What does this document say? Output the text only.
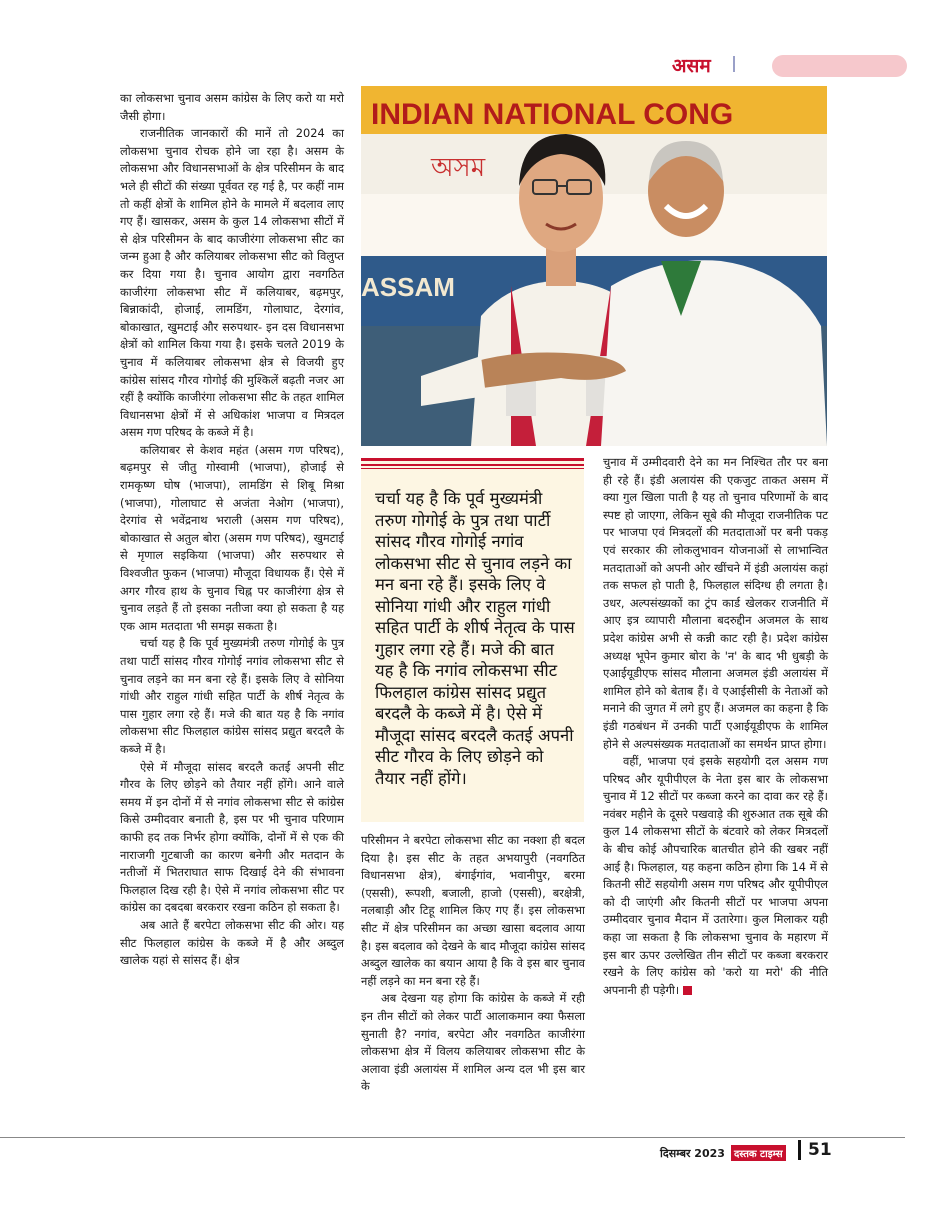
असम

का लोकसभा चुनाव असम कांग्रेस के लिए करो या मरो जैसी होगा।

राजनीतिक जानकारों की मानें तो 2024 का लोकसभा चुनाव रोचक होने जा रहा है। असम के लोकसभा और विधानसभाओं के क्षेत्र परिसीमन के बाद भले ही सीटों की संख्या पूर्ववत रह गई है, पर कहीं नाम तो कहीं क्षेत्रों के शामिल होने के मामले में बदलाव लाए गए हैं। खासकर, असम के कुल 14 लोकसभा सीटों में से क्षेत्र परिसीमन के बाद काजीरंगा लोकसभा सीट का जन्म हुआ है और कलियाबर लोकसभा सीट को विलुप्त कर दिया गया है। चुनाव आयोग द्वारा नवगठित काजीरंगा लोकसभा सीट में कलियाबर, बढ़मपुर, बिन्नाकांदी, होजाई, लामडिंग, गोलाघाट, देरगांव, बोकाखात, खुमटाई और सरुपथार- इन दस विधानसभा क्षेत्रों को शामिल किया गया है। इसके चलते 2019 के चुनाव में कलियाबर लोकसभा क्षेत्र से विजयी हुए कांग्रेस सांसद गौरव गोगोई की मुश्किलें बढ़ती नजर आ रहीं है क्योंकि काजीरंगा लोकसभा सीट के तहत शामिल विधानसभा क्षेत्रों में से अधिकांश भाजपा व मित्रदल असम गण परिषद के कब्जे में है।

कलियाबर से केशव महंत (असम गण परिषद), बढ़मपुर से जीतु गोस्वामी (भाजपा), होजाई से रामकृष्ण घोष (भाजपा), लामडिंग से शिबू मिश्रा (भाजपा), गोलाघाट से अजंता नेओग (भाजपा), देरगांव से भवेंद्रनाथ भराली (असम गण परिषद), बोकाखात से अतुल बोरा (असम गण परिषद), खुमटाई से मृणाल सइकिया (भाजपा) और सरुपथार से विश्वजीत फुकन (भाजपा) मौजूदा विधायक हैं। ऐसे में अगर गौरव हाथ के चुनाव चिह्न पर काजीरंगा क्षेत्र से चुनाव लड़ते हैं तो इसका नतीजा क्या हो सकता है यह एक आम मतदाता भी समझ सकता है।

चर्चा यह है कि पूर्व मुख्यमंत्री तरुण गोगोई के पुत्र तथा पार्टी सांसद गौरव गोगोई नगांव लोकसभा सीट से चुनाव लड़ने का मन बना रहे हैं। इसके लिए वे सोनिया गांधी और राहुल गांधी सहित पार्टी के शीर्ष नेतृत्व के पास गुहार लगा रहे हैं। मजे की बात यह है कि नगांव लोकसभा सीट फिलहाल कांग्रेस सांसद प्रद्युत बरदलै के कब्जे में है।

ऐसे में मौजूदा सांसद बरदलै कतई अपनी सीट गौरव के लिए छोड़ने को तैयार नहीं होंगे। आने वाले समय में इन दोनों में से नगांव लोकसभा सीट से कांग्रेस किसे उम्मीदवार बनाती है, इस पर भी चुनाव परिणाम काफी हद तक निर्भर होगा क्योंकि, दोनों में से एक की नाराजगी गुटबाजी का कारण बनेगी और मतदान के नतीजों में भितराघात साफ दिखाई देने की संभावना फिलहाल दिख रही है। ऐसे में नगांव लोकसभा सीट पर कांग्रेस का दबदबा बरकरार रखना कठिन हो सकता है।

अब आते हैं बरपेटा लोकसभा सीट की ओर। यह सीट फिलहाल कांग्रेस के कब्जे में है और अब्दुल खालेक यहां से सांसद हैं। क्षेत्र

INDIAN NATIONAL CONG
অসম
ASSAM
चर्चा यह है कि पूर्व मुख्यमंत्री तरुण गोगोई के पुत्र तथा पार्टी सांसद गौरव गोगोई नगांव लोकसभा सीट से चुनाव लड़ने का मन बना रहे हैं। इसके लिए वे सोनिया गांधी और राहुल गांधी सहित पार्टी के शीर्ष नेतृत्व के पास गुहार लगा रहे हैं। मजे की बात यह है कि नगांव लोकसभा सीट फिलहाल कांग्रेस सांसद प्रद्युत बरदलै के कब्जे में है। ऐसे में मौजूदा सांसद बरदलै कतई अपनी सीट गौरव के लिए छोड़ने को तैयार नहीं होंगे।

परिसीमन ने बरपेटा लोकसभा सीट का नक्शा ही बदल दिया है। इस सीट के तहत अभयापुरी (नवगठित विधानसभा क्षेत्र), बंगाईगांव, भवानीपुर, बरमा (एससी), रूपशी, बजाली, हाजो (एससी), बरक्षेत्री, नलबाड़ी और टिहू शामिल किए गए हैं। इस लोकसभा सीट में क्षेत्र परिसीमन का अच्छा खासा बदलाव आया है। इस बदलाव को देखने के बाद मौजूदा कांग्रेस सांसद अब्दुल खालेक का बयान आया है कि वे इस बार चुनाव नहीं लड़ने का मन बना रहे हैं।

अब देखना यह होगा कि कांग्रेस के कब्जे में रही इन तीन सीटों को लेकर पार्टी आलाकमान क्या फैसला सुनाती है? नगांव, बरपेटा और नवगठित काजीरंगा लोकसभा क्षेत्र में विलय कलियाबर लोकसभा सीट के अलावा इंडी अलायंस में शामिल अन्य दल भी इस बार के

चुनाव में उम्मीदवारी देने का मन निश्चित तौर पर बना ही रहे हैं। इंडी अलायंस की एकजुट ताकत असम में क्या गुल खिला पाती है यह तो चुनाव परिणामों के बाद स्पष्ट हो जाएगा, लेकिन सूबे की मौजूदा राजनीतिक पट पर भाजपा एवं मित्रदलों की मतदाताओं पर बनी पकड़ एवं सरकार की लोकलुभावन योजनाओं से लाभान्वित मतदाताओं को अपनी ओर खींचने में इंडी अलायंस कहां तक सफल हो पाती है, फिलहाल संदिग्ध ही लगता है। उधर, अल्पसंख्यकों का ट्रंप कार्ड खेलकर राजनीति में आए इत्र व्यापारी मौलाना बदरुद्दीन अजमल के साथ प्रदेश कांग्रेस अभी से कन्नी काट रही है। प्रदेश कांग्रेस अध्यक्ष भूपेन कुमार बोरा के 'न' के बाद भी धुबड़ी के एआईयूडीएफ सांसद मौलाना अजमल इंडी अलायंस में शामिल होने को बेताब हैं। वे एआईसीसी के नेताओं को मनाने की जुगत में लगे हुए हैं। अजमल का कहना है कि इंडी गठबंधन में उनकी पार्टी एआईयूडीएफ के शामिल होने से अल्पसंख्यक मतदाताओं का समर्थन प्राप्त होगा।

वहीं, भाजपा एवं इसके सहयोगी दल असम गण परिषद और यूपीपीएल के नेता इस बार के लोकसभा चुनाव में 12 सीटों पर कब्जा करने का दावा कर रहे हैं। नवंबर महीने के दूसरे पखवाड़े की शुरुआत तक सूबे की कुल 14 लोकसभा सीटों के बंटवारे को लेकर मित्रदलों के बीच कोई औपचारिक बातचीत होने की खबर नहीं आई है। फिलहाल, यह कहना कठिन होगा कि 14 में से कितनी सीटें सहयोगी असम गण परिषद और यूपीपीएल को दी जाएंगी और कितनी सीटों पर भाजपा अपना उम्मीदवार चुनाव मैदान में उतारेगा। कुल मिलाकर यही कहा जा सकता है कि लोकसभा चुनाव के महारण में इस बार ऊपर उल्लेखित तीन सीटों पर कब्जा बरकरार रखने के लिए कांग्रेस को 'करो या मरो' की नीति अपनानी ही पड़ेगी।

दिसम्बर 2023 दस्तक टाइम्स 51
